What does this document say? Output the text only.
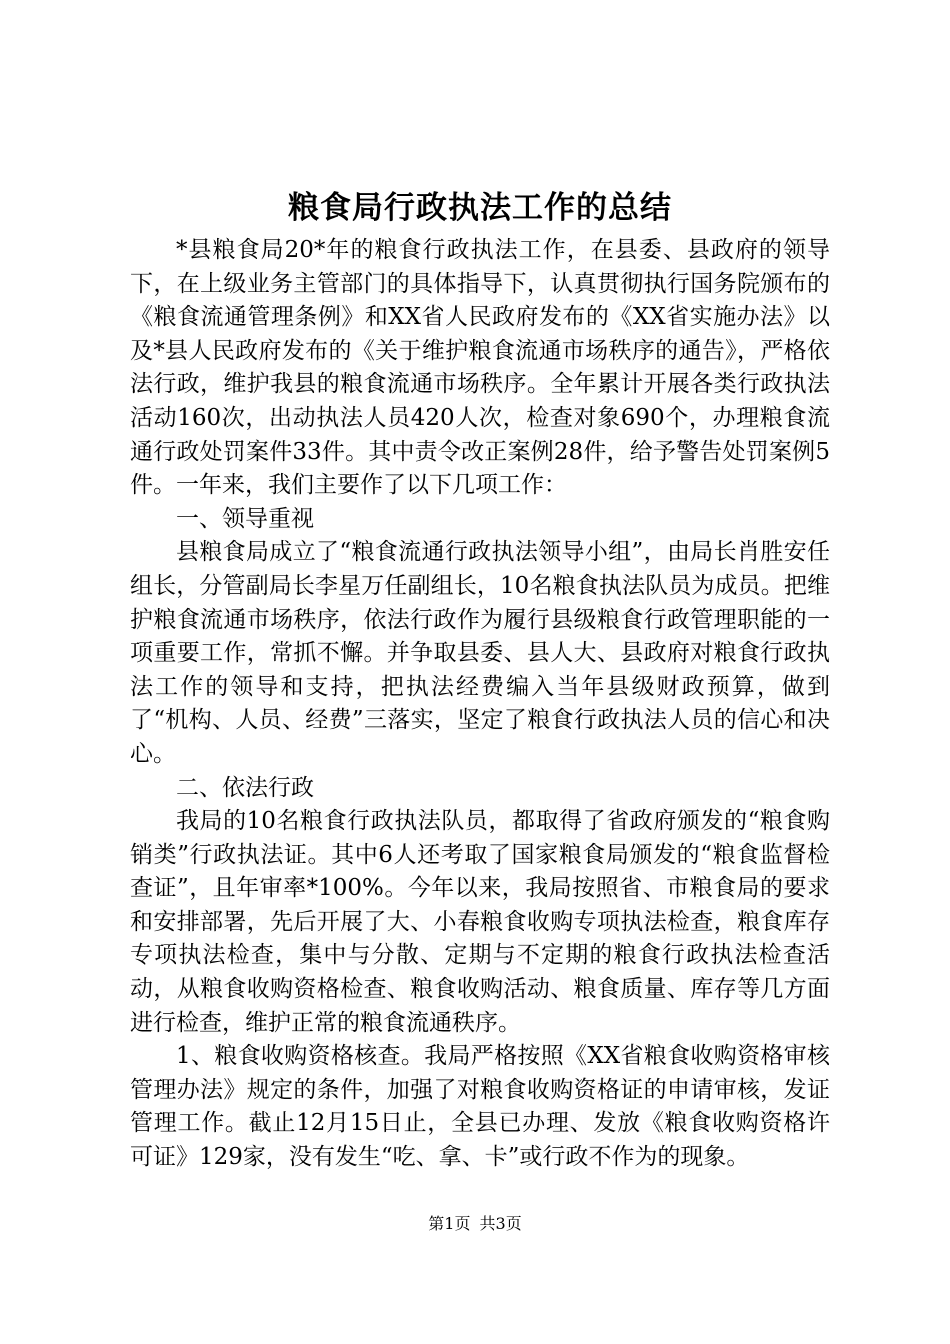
粮食局行政执法工作的总结

*县粮食局20*年的粮食行政执法工作，在县委、县政府的领导下，在上级业务主管部门的具体指导下，认真贯彻执行国务院颁布的《粮食流通管理条例》和XX省人民政府发布的《XX省实施办法》以及*县人民政府发布的《关于维护粮食流通市场秩序的通告》，严格依法行政，维护我县的粮食流通市场秩序。全年累计开展各类行政执法活动160次，出动执法人员420人次，检查对象690个，办理粮食流通行政处罚案件33件。其中责令改正案例28件，给予警告处罚案例5件。一年来，我们主要作了以下几项工作：

一、领导重视

县粮食局成立了“粮食流通行政执法领导小组”，由局长肖胜安任组长，分管副局长李星万任副组长，10名粮食执法队员为成员。把维护粮食流通市场秩序，依法行政作为履行县级粮食行政管理职能的一项重要工作，常抓不懈。并争取县委、县人大、县政府对粮食行政执法工作的领导和支持，把执法经费编入当年县级财政预算，做到了“机构、人员、经费”三落实，坚定了粮食行政执法人员的信心和决心。

二、依法行政

我局的10名粮食行政执法队员，都取得了省政府颁发的“粮食购销类”行政执法证。其中6人还考取了国家粮食局颁发的“粮食监督检查证”，且年审率*100%。今年以来，我局按照省、市粮食局的要求和安排部署，先后开展了大、小春粮食收购专项执法检查，粮食库存专项执法检查，集中与分散、定期与不定期的粮食行政执法检查活动，从粮食收购资格检查、粮食收购活动、粮食质量、库存等几方面进行检查，维护正常的粮食流通秩序。

1、粮食收购资格核查。我局严格按照《XX省粮食收购资格审核管理办法》规定的条件，加强了对粮食收购资格证的申请审核，发证管理工作。截止12月15日止，全县已办理、发放《粮食收购资格许可证》129家，没有发生“吃、拿、卡”或行政不作为的现象。

第1页 共3页
